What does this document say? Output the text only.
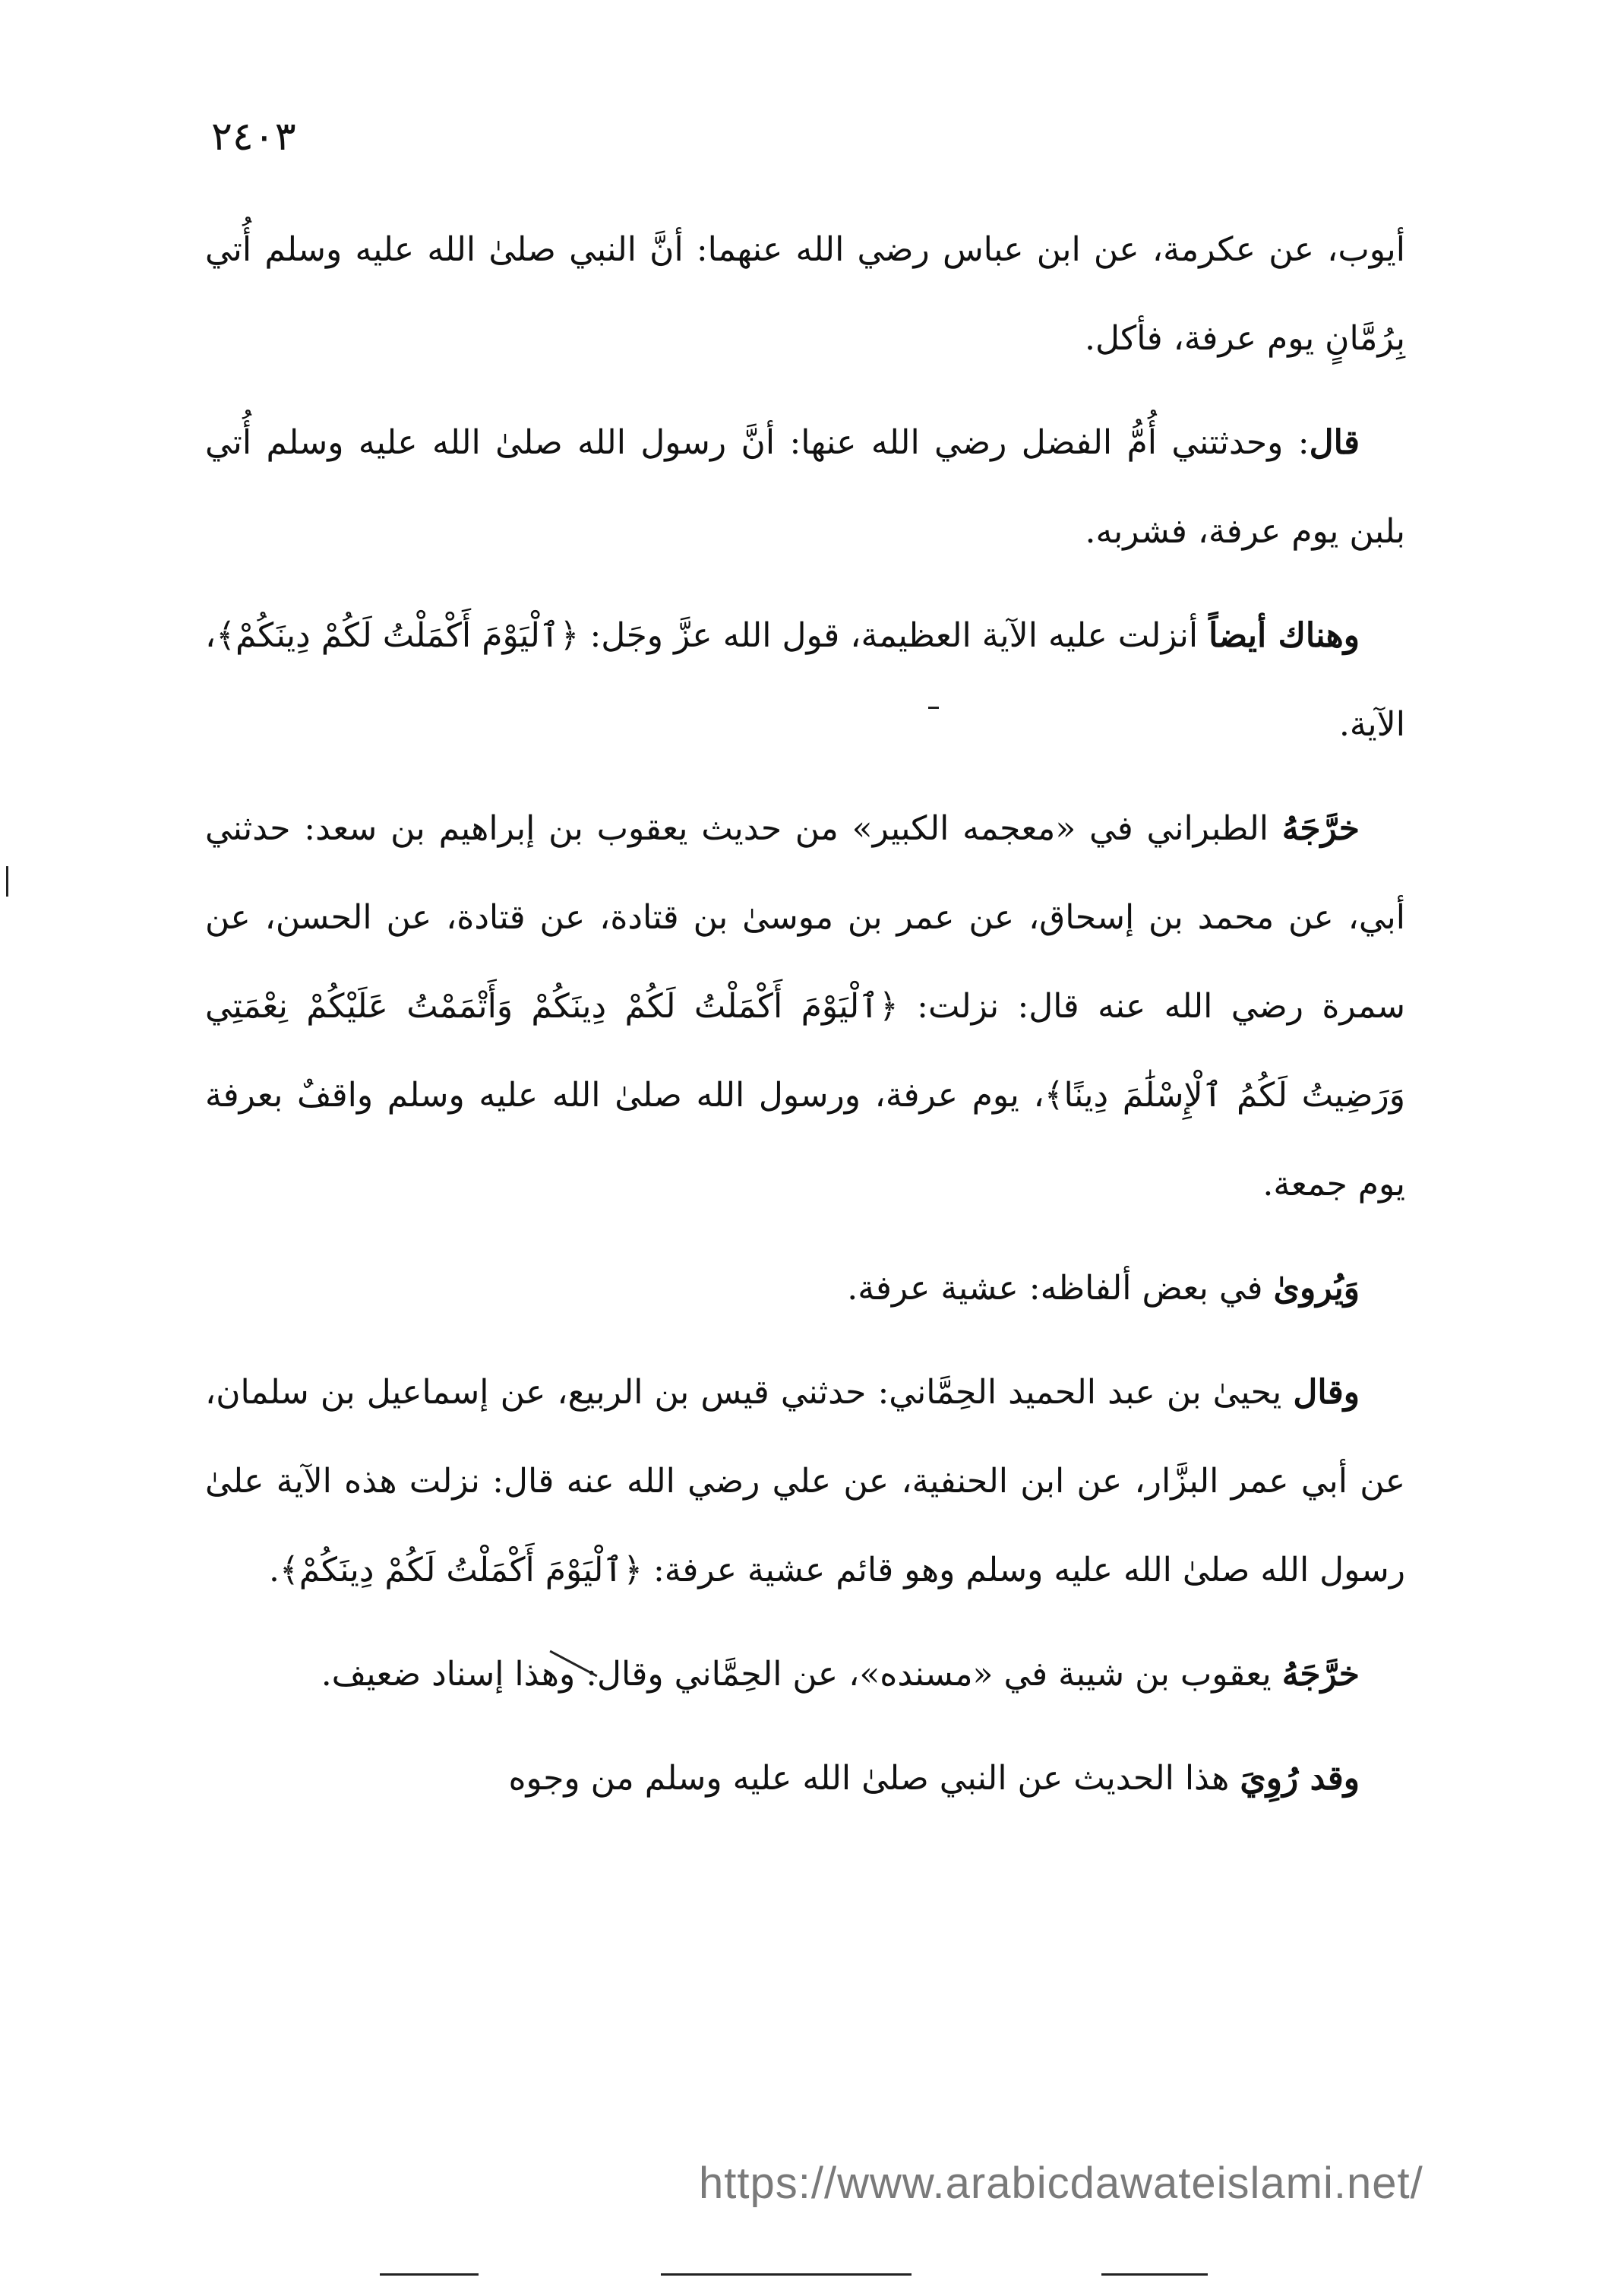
٢٤٠٣

أيوب، عن عكرمة، عن ابن عباس رضي الله عنهما: أنَّ النبي صلىٰ الله عليه وسلم أُتي بِرُمَّانٍ يوم عرفة، فأكل.

قال: وحدثتني أُمُّ الفضل رضي الله عنها: أنَّ رسول الله صلىٰ الله عليه وسلم أُتي بلبن يوم عرفة، فشربه.

وهناك أيضاً أنزلت عليه الآية العظيمة، قول الله عزَّ وجَل: ﴿ٱلْيَوْمَ أَكْمَلْتُ لَكُمْ دِينَكُمْ﴾، الآية.

خرَّجَهُ الطبراني في «معجمه الكبير» من حديث يعقوب بن إبراهيم بن سعد: حدثني أبي، عن محمد بن إسحاق، عن عمر بن موسىٰ بن قتادة، عن قتادة، عن الحسن، عن سمرة رضي الله عنه قال: نزلت: ﴿ٱلْيَوْمَ أَكْمَلْتُ لَكُمْ دِينَكُمْ وَأَتْمَمْتُ عَلَيْكُمْ نِعْمَتِي وَرَضِيتُ لَكُمُ ٱلْإِسْلَٰمَ دِينًا﴾، يوم عرفة، ورسول الله صلىٰ الله عليه وسلم واقفٌ بعرفة يوم جمعة.

وَيُروىٰ في بعض ألفاظه: عشية عرفة.

وقال يحيىٰ بن عبد الحميد الحِمَّاني: حدثني قيس بن الربيع، عن إسماعيل بن سلمان، عن أبي عمر البزَّار، عن ابن الحنفية، عن علي رضي الله عنه قال: نزلت هذه الآية علىٰ رسول الله صلىٰ الله عليه وسلم وهو قائم عشية عرفة: ﴿ٱلْيَوْمَ أَكْمَلْتُ لَكُمْ دِينَكُمْ﴾.

خرَّجَهُ يعقوب بن شيبة في «مسنده»، عن الحِمَّاني وقال: وهذا إسناد ضعيف.

وقد رُوِيَ هذا الحديث عن النبي صلىٰ الله عليه وسلم من وجوه

https://www.arabicdawateislami.net/
